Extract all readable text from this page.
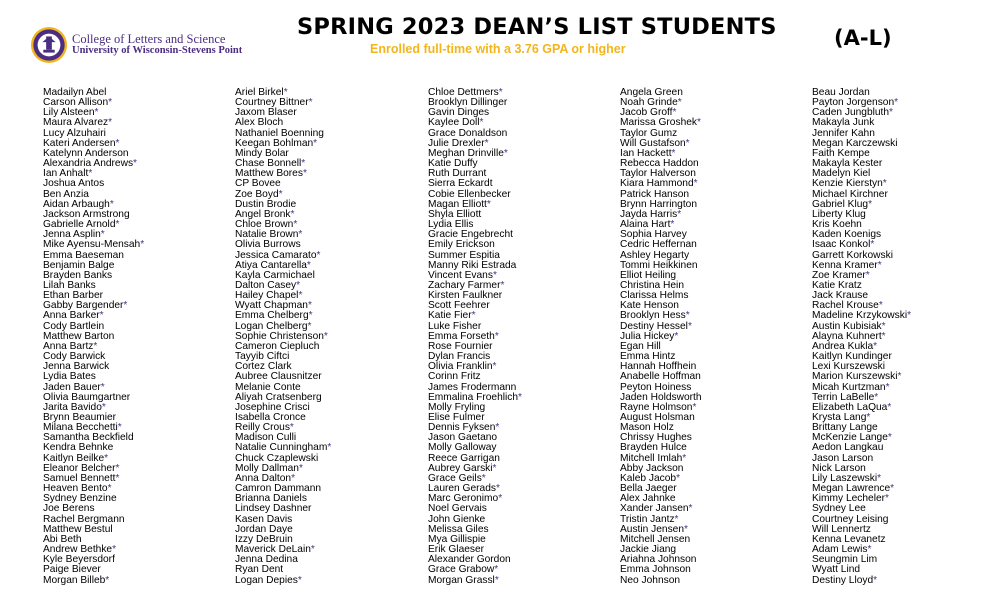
College of Letters and Science
University of Wisconsin-Stevens Point
SPRING 2023 DEAN’S LIST STUDENTS
Enrolled full-time with a 3.76 GPA or higher	(A-L)
Madailyn Abel
Carson Allison*
Lily Alsteen*
Maura Alvarez*
Lucy Alzuhairi
Kateri Andersen*
Katelynn Anderson
Alexandria Andrews*
Ian Anhalt*
Joshua Antos
Ben Anzia
Aidan Arbaugh*
Jackson Armstrong
Gabrielle Arnold*
Jenna Asplin*
Mike Ayensu-Mensah*
Emma Baeseman
Benjamin Balge
Brayden Banks
Lilah Banks
Ethan Barber
Gabby Bargender*
Anna Barker*
Cody Bartlein
Matthew Barton
Anna Bartz*
Cody Barwick
Jenna Barwick
Lydia Bates
Jaden Bauer*
Olivia Baumgartner
Jarita Bavido*
Brynn Beaumier
Milana Becchetti*
Samantha Beckfield
Kendra Behnke
Kaitlyn Beilke*
Eleanor Belcher*
Samuel Bennett*
Heaven Bento*
Sydney Benzine
Joe Berens
Rachel Bergmann
Matthew Bestul
Abi Beth
Andrew Bethke*
Kyle Beyersdorf
Paige Biever
Morgan Billeb*
Ariel Birkel*
Courtney Bittner*
Jaxom Blaser
Alex Bloch
Nathaniel Boenning
Keegan Bohlman*
Mindy Bolar
Chase Bonnell*
Matthew Bores*
CP Bovee
Zoe Boyd*
Dustin Brodie
Angel Bronk*
Chloe Brown*
Natalie Brown*
Olivia Burrows
Jessica Camarato*
Atiya Cantarella*
Kayla Carmichael
Dalton Casey*
Hailey Chapel*
Wyatt Chapman*
Emma Chelberg*
Logan Chelberg*
Sophie Christenson*
Cameron Ciepluch
Tayyib Ciftci
Cortez Clark
Aubree Clausnitzer
Melanie Conte
Aliyah Cratsenberg
Josephine Crisci
Isabella Cronce
Reilly Crous*
Madison Culli
Natalie Cunningham*
Chuck Czaplewski
Molly Dallman*
Anna Dalton*
Camron Dammann
Brianna Daniels
Lindsey Dashner
Kasen Davis
Jordan Daye
Izzy DeBruin
Maverick DeLain*
Jenna Dedina
Ryan Dent
Logan Depies*
Chloe Dettmers*
Brooklyn Dillinger
Gavin Dinges
Kaylee Doll*
Grace Donaldson
Julie Drexler*
Meghan Drinville*
Katie Duffy
Ruth Durrant
Sierra Eckardt
Cobie Ellenbecker
Magan Elliott*
Shyla Elliott
Lydia Ellis
Gracie Engebrecht
Emily Erickson
Summer Espitia
Manny Riki Estrada
Vincent Evans*
Zachary Farmer*
Kirsten Faulkner
Scott Feehrer
Katie Fier*
Luke Fisher
Emma Forseth*
Rose Fournier
Dylan Francis
Olivia Franklin*
Corinn Fritz
James Frodermann
Emmalina Froehlich*
Molly Fryling
Elise Fulmer
Dennis Fyksen*
Jason Gaetano
Molly Galloway
Reece Garrigan
Aubrey Garski*
Grace Geils*
Lauren Gerads*
Marc Geronimo*
Noel Gervais
John Gienke
Melissa Giles
Mya Gillispie
Erik Glaeser
Alexander Gordon
Grace Grabow*
Morgan Grassl*
Angela Green
Noah Grinde*
Jacob Groff*
Marissa Groshek*
Taylor Gumz
Will Gustafson*
Ian Hackett*
Rebecca Haddon
Taylor Halverson
Kiara Hammond*
Patrick Hanson
Brynn Harrington
Jayda Harris*
Alaina Hart*
Sophia Harvey
Cedric Heffernan
Ashley Hegarty
Tommi Heikkinen
Elliot Heiling
Christina Hein
Clarissa Helms
Kate Henson
Brooklyn Hess*
Destiny Hessel*
Julia Hickey*
Egan Hill
Emma Hintz
Hannah Hoffhein
Anabelle Hoffman
Peyton Hoiness
Jaden Holdsworth
Rayne Holmson*
August Holsman
Mason Holz
Chrissy Hughes
Brayden Hulce
Mitchell Imlah*
Abby Jackson
Kaleb Jacob*
Bella Jaeger
Alex Jahnke
Xander Jansen*
Tristin Jantz*
Austin Jensen*
Mitchell Jensen
Jackie Jiang
Ariahna Johnson
Emma Johnson
Neo Johnson
Beau Jordan
Payton Jorgenson*
Caden Jungbluth*
Makayla Junk
Jennifer Kahn
Megan Karczewski
Faith Kempe
Makayla Kester
Madelyn Kiel
Kenzie Kierstyn*
Michael Kirchner
Gabriel Klug*
Liberty Klug
Kris Koehn
Kaden Koenigs
Isaac Konkol*
Garrett Korkowski
Kenna Kramer*
Zoe Kramer*
Katie Kratz
Jack Krause
Rachel Krouse*
Madeline Krzykowski*
Austin Kubisiak*
Alayna Kuhnert*
Andrea Kukla*
Kaitlyn Kundinger
Lexi Kurszewski
Marion Kurszewski*
Micah Kurtzman*
Terrin LaBelle*
Elizabeth LaQua*
Krysta Lang*
Brittany Lange
McKenzie Lange*
Aedon Langkau
Jason Larson
Nick Larson
Lily Laszewski*
Megan Lawrence*
Kimmy Lecheler*
Sydney Lee
Courtney Leising
Will Lennertz
Kenna Levanetz
Adam Lewis*
Seungmin Lim
Wyatt Lind
Destiny Lloyd*
